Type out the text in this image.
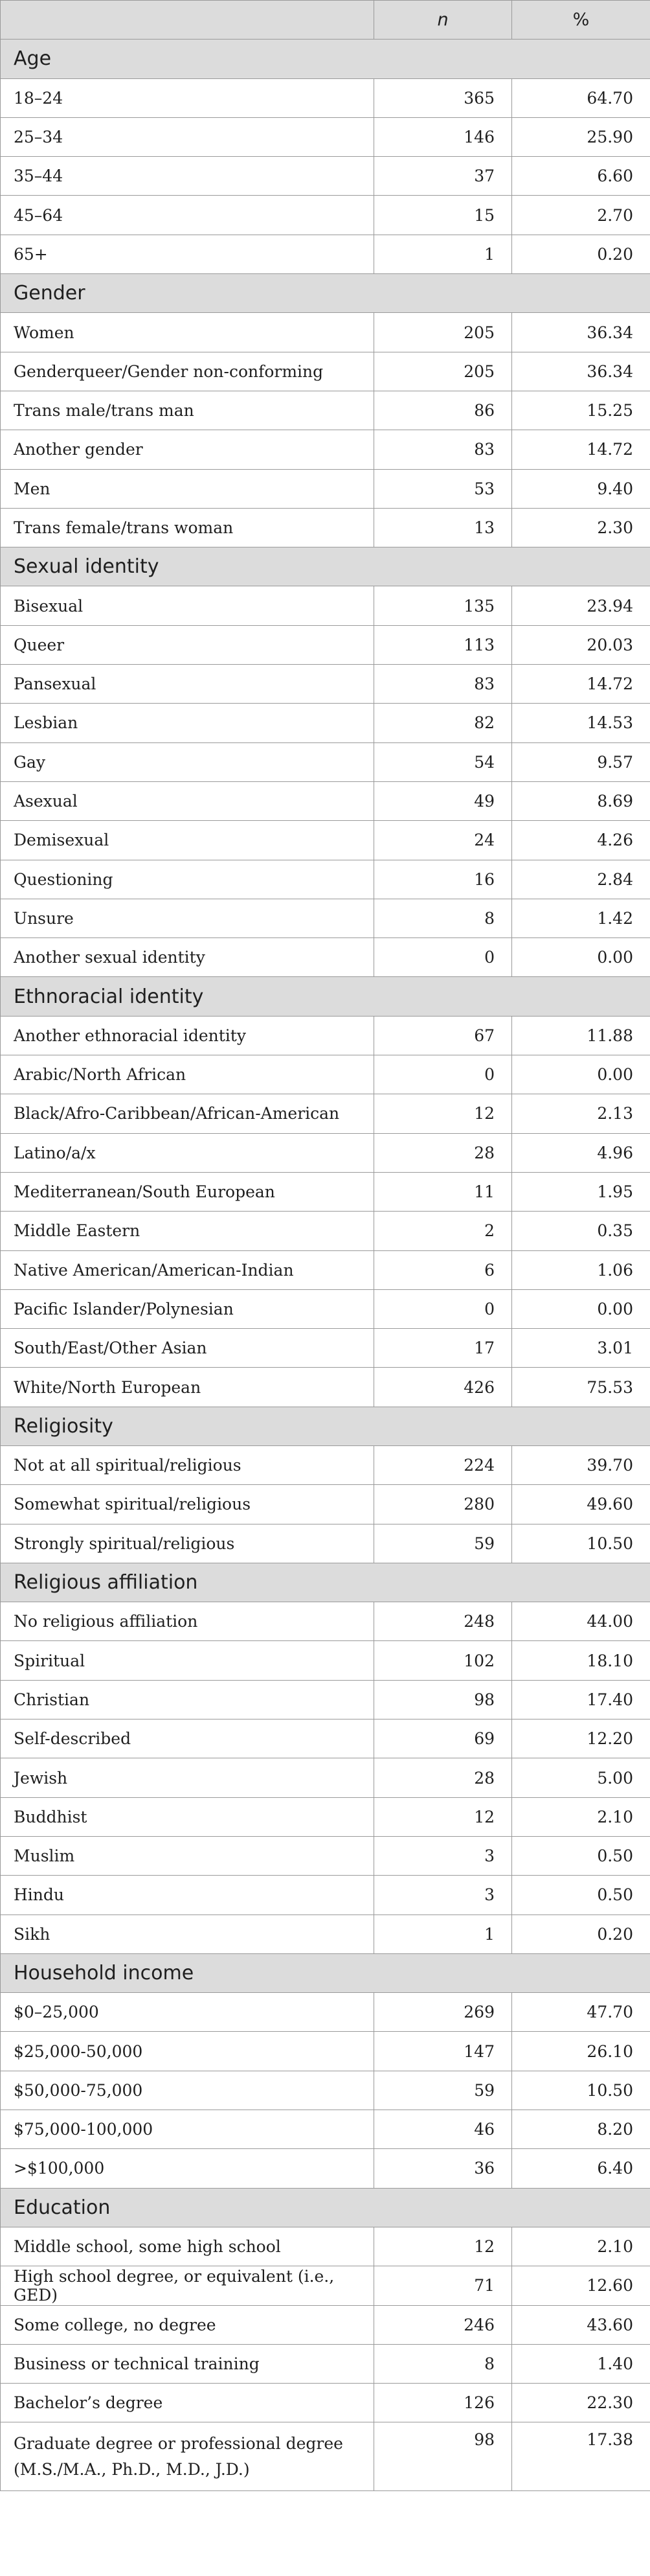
	n	%
Age		
18–24	365	64.70
25–34	146	25.90
35–44	37	6.60
45–64	15	2.70
65+	1	0.20
Gender		
Women	205	36.34
Genderqueer/Gender non-conforming	205	36.34
Trans male/trans man	86	15.25
Another gender	83	14.72
Men	53	9.40
Trans female/trans woman	13	2.30
Sexual identity		
Bisexual	135	23.94
Queer	113	20.03
Pansexual	83	14.72
Lesbian	82	14.53
Gay	54	9.57
Asexual	49	8.69
Demisexual	24	4.26
Questioning	16	2.84
Unsure	8	1.42
Another sexual identity	0	0.00
Ethnoracial identity		
Another ethnoracial identity	67	11.88
Arabic/North African	0	0.00
Black/Afro-Caribbean/African-American	12	2.13
Latino/a/x	28	4.96
Mediterranean/South European	11	1.95
Middle Eastern	2	0.35
Native American/American-Indian	6	1.06
Pacific Islander/Polynesian	0	0.00
South/East/Other Asian	17	3.01
White/North European	426	75.53
Religiosity		
Not at all spiritual/religious	224	39.70
Somewhat spiritual/religious	280	49.60
Strongly spiritual/religious	59	10.50
Religious affiliation		
No religious affiliation	248	44.00
Spiritual	102	18.10
Christian	98	17.40
Self-described	69	12.20
Jewish	28	5.00
Buddhist	12	2.10
Muslim	3	0.50
Hindu	3	0.50
Sikh	1	0.20
Household income		
$0–25,000	269	47.70
$25,000-50,000	147	26.10
$50,000-75,000	59	10.50
$75,000-100,000	46	8.20
>$100,000	36	6.40
Education		
Middle school, some high school	12	2.10
High school degree, or equivalent (i.e., GED)	71	12.60
Some college, no degree	246	43.60
Business or technical training	8	1.40
Bachelor’s degree	126	22.30
Graduate degree or professional degree (M.S./M.A., Ph.D., M.D., J.D.)	98	17.38
